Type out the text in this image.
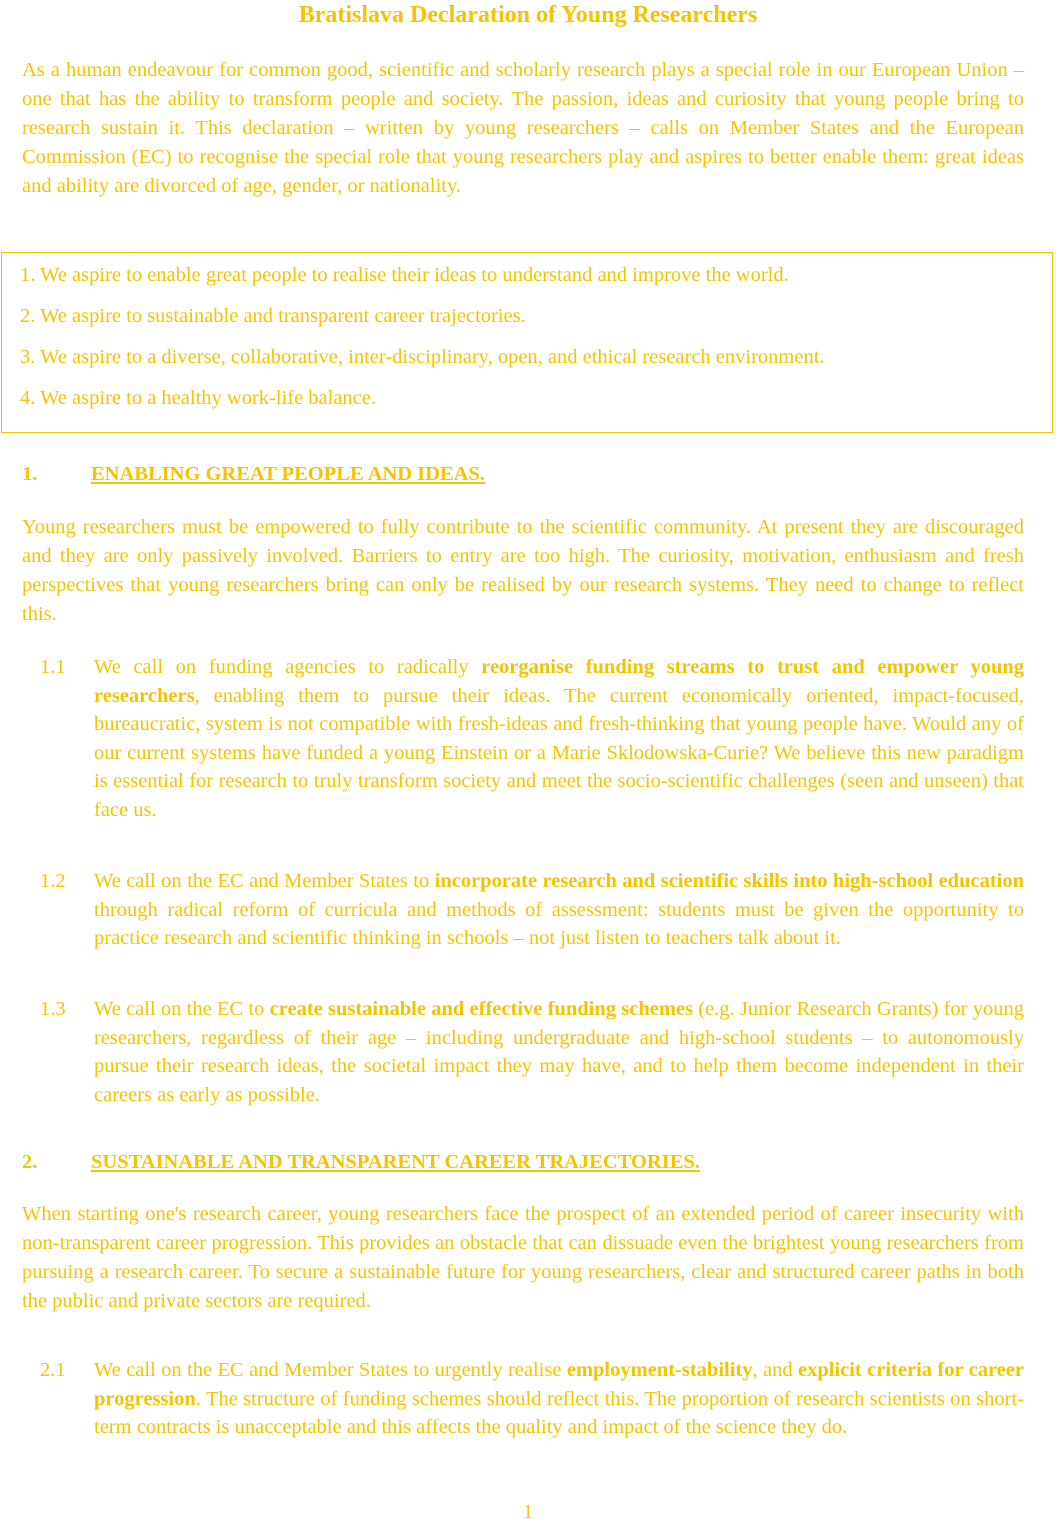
Bratislava Declaration of Young Researchers

As a human endeavour for common good, scientific and scholarly research plays a special role in our European Union – one that has the ability to transform people and society. The passion, ideas and curiosity that young people bring to research sustain it. This declaration – written by young researchers – calls on Member States and the European Commission (EC) to recognise the special role that young researchers play and aspires to better enable them: great ideas and ability are divorced of age, gender, or nationality.

1. We aspire to enable great people to realise their ideas to understand and improve the world.

2. We aspire to sustainable and transparent career trajectories.

3. We aspire to a diverse, collaborative, inter-disciplinary, open, and ethical research environment.

4. We aspire to a healthy work-life balance.

1.	ENABLING GREAT PEOPLE AND IDEAS.

Young researchers must be empowered to fully contribute to the scientific community. At present they are discouraged and they are only passively involved. Barriers to entry are too high. The curiosity, motivation, enthusiasm and fresh perspectives that young researchers bring can only be realised by our research systems. They need to change to reflect this.

1.1 We call on funding agencies to radically reorganise funding streams to trust and empower young researchers, enabling them to pursue their ideas. The current economically oriented, impact-focused, bureaucratic, system is not compatible with fresh-ideas and fresh-thinking that young people have. Would any of our current systems have funded a young Einstein or a Marie Sklodowska-Curie? We believe this new paradigm is essential for research to truly transform society and meet the socio-scientific challenges (seen and unseen) that face us.

1.2 We call on the EC and Member States to incorporate research and scientific skills into high-school education through radical reform of curricula and methods of assessment: students must be given the opportunity to practice research and scientific thinking in schools – not just listen to teachers talk about it.

1.3 We call on the EC to create sustainable and effective funding schemes (e.g. Junior Research Grants) for young researchers, regardless of their age – including undergraduate and high-school students – to autonomously pursue their research ideas, the societal impact they may have, and to help them become independent in their careers as early as possible.

2.	SUSTAINABLE AND TRANSPARENT CAREER TRAJECTORIES.

When starting one's research career, young researchers face the prospect of an extended period of career insecurity with non-transparent career progression. This provides an obstacle that can dissuade even the brightest young researchers from pursuing a research career. To secure a sustainable future for young researchers, clear and structured career paths in both the public and private sectors are required.

2.1 We call on the EC and Member States to urgently realise employment-stability, and explicit criteria for career progression. The structure of funding schemes should reflect this. The proportion of research scientists on short-term contracts is unacceptable and this affects the quality and impact of the science they do.

1
